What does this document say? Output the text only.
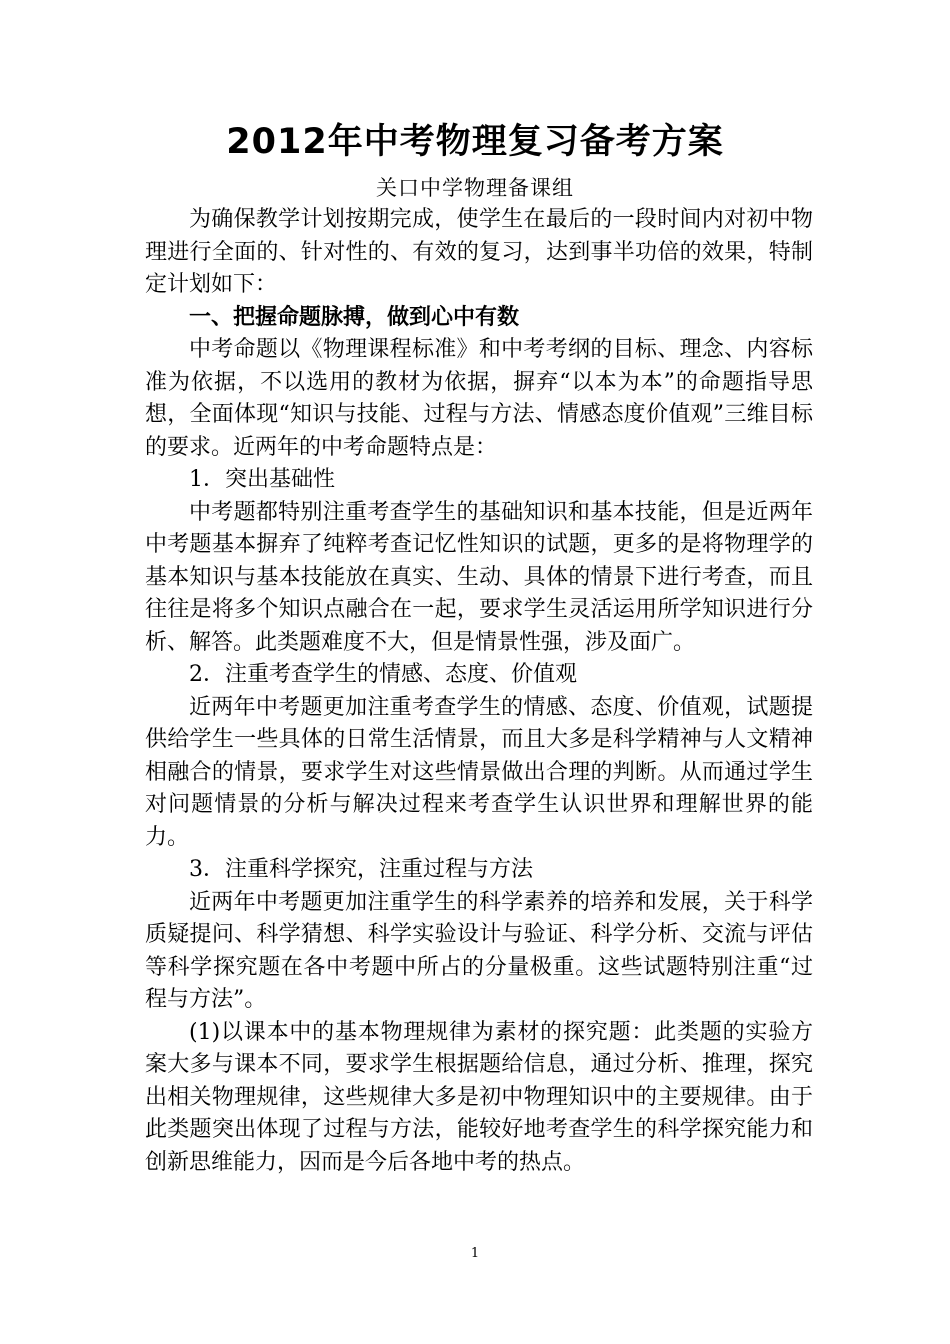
2012年中考物理复习备考方案
关口中学物理备课组

为确保教学计划按期完成，使学生在最后的一段时间内对初中物理进行全面的、针对性的、有效的复习，达到事半功倍的效果，特制定计划如下：

一、把握命题脉搏，做到心中有数

中考命题以《物理课程标准》和中考考纲的目标、理念、内容标准为依据，不以选用的教材为依据，摒弃“以本为本”的命题指导思想，全面体现“知识与技能、过程与方法、情感态度价值观”三维目标的要求。近两年的中考命题特点是：

1．突出基础性

中考题都特别注重考查学生的基础知识和基本技能，但是近两年中考题基本摒弃了纯粹考查记忆性知识的试题，更多的是将物理学的基本知识与基本技能放在真实、生动、具体的情景下进行考查，而且往往是将多个知识点融合在一起，要求学生灵活运用所学知识进行分析、解答。此类题难度不大，但是情景性强，涉及面广。

2．注重考查学生的情感、态度、价值观

近两年中考题更加注重考查学生的情感、态度、价值观，试题提供给学生一些具体的日常生活情景，而且大多是科学精神与人文精神相融合的情景，要求学生对这些情景做出合理的判断。从而通过学生对问题情景的分析与解决过程来考查学生认识世界和理解世界的能力。

3．注重科学探究，注重过程与方法

近两年中考题更加注重学生的科学素养的培养和发展，关于科学质疑提问、科学猜想、科学实验设计与验证、科学分析、交流与评估等科学探究题在各中考题中所占的分量极重。这些试题特别注重“过程与方法”。

(1)以课本中的基本物理规律为素材的探究题：此类题的实验方案大多与课本不同，要求学生根据题给信息，通过分析、推理，探究出相关物理规律，这些规律大多是初中物理知识中的主要规律。由于此类题突出体现了过程与方法，能较好地考查学生的科学探究能力和创新思维能力，因而是今后各地中考的热点。

1
